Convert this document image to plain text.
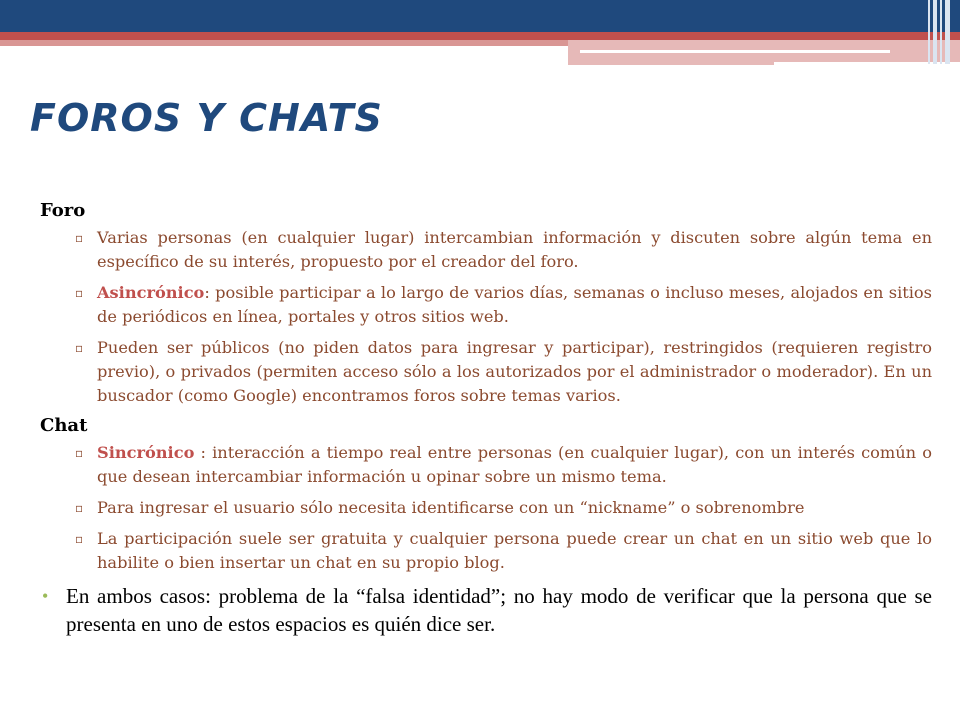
FOROS Y CHATS
Foro
▫ Varias personas (en cualquier lugar) intercambian información y discuten sobre algún tema en específico de su interés, propuesto por el creador del foro.
▫ Asincrónico: posible participar a lo largo de varios días, semanas o incluso meses, alojados en sitios de periódicos en línea, portales y otros sitios web.
▫ Pueden ser públicos (no piden datos para ingresar y participar), restringidos (requieren registro previo), o privados (permiten acceso sólo a los autorizados por el administrador o moderador). En un buscador (como Google) encontramos foros sobre temas varios.
Chat
▫ Sincrónico : interacción a tiempo real entre personas (en cualquier lugar), con un interés común o que desean intercambiar información u opinar sobre un mismo tema.
▫ Para ingresar el usuario sólo necesita identificarse con un “nickname” o sobrenombre
▫ La participación suele ser gratuita y cualquier persona puede crear un chat en un sitio web que lo habilite o bien insertar un chat en su propio blog.
• En ambos casos: problema de la “falsa identidad”; no hay modo de verificar que la persona que se presenta en uno de estos espacios es quién dice ser.
